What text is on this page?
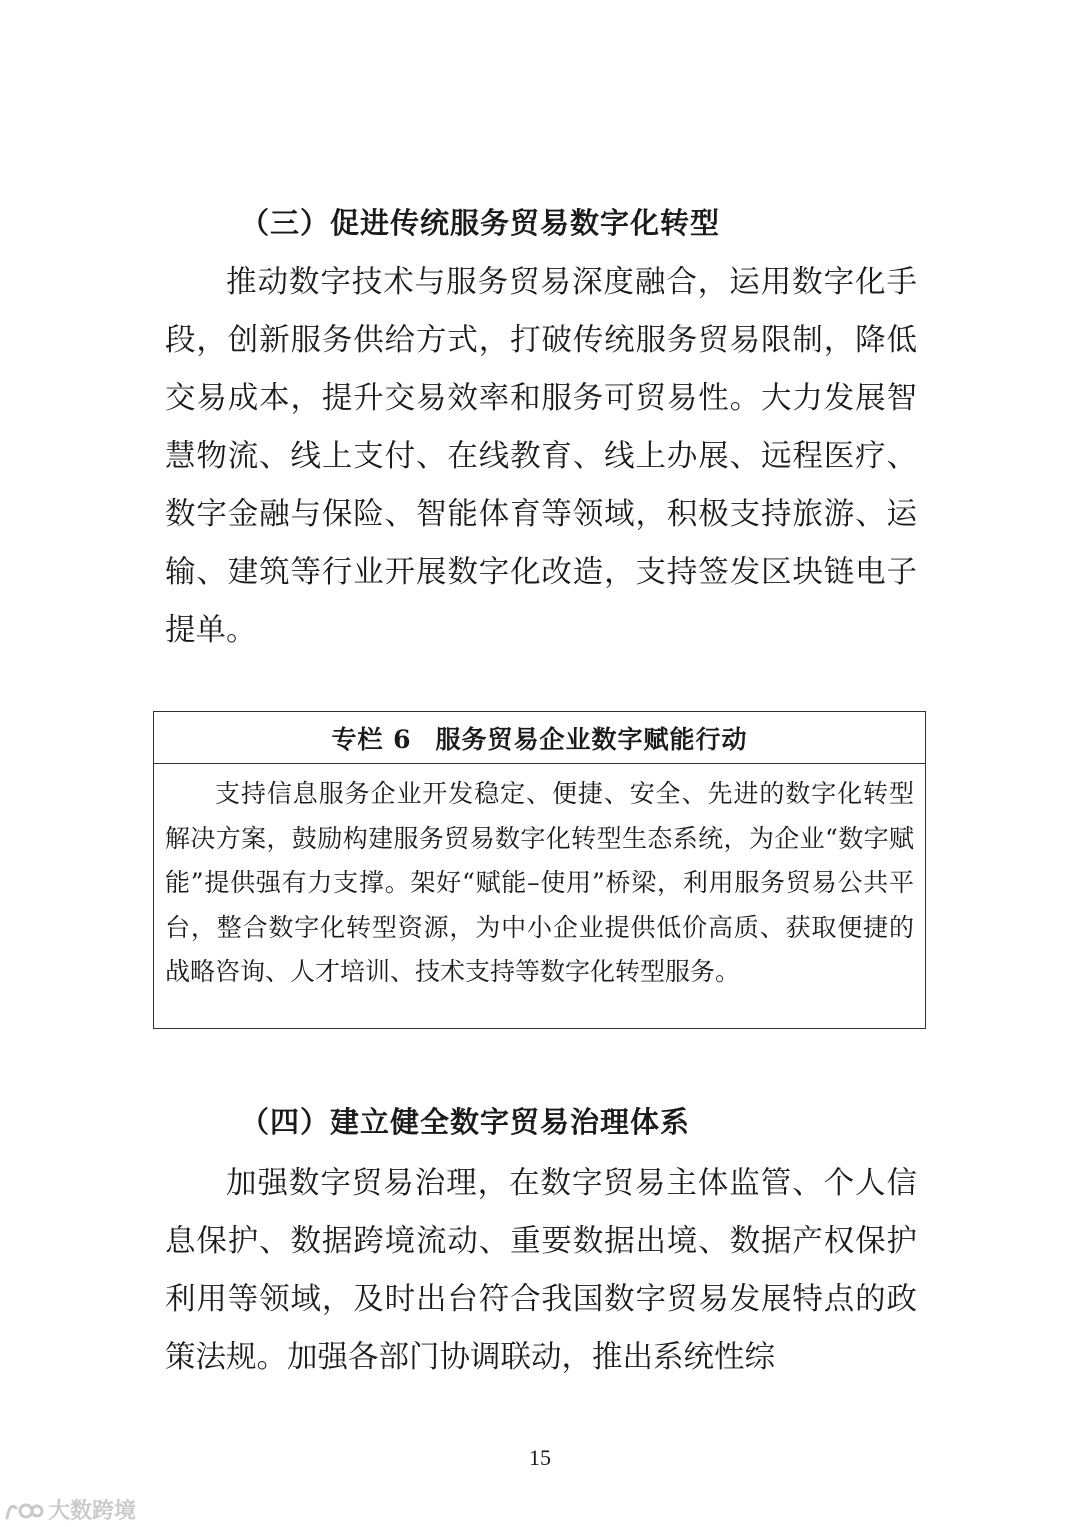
（三）促进传统服务贸易数字化转型

推动数字技术与服务贸易深度融合，运用数字化手段，创新服务供给方式，打破传统服务贸易限制，降低交易成本，提升交易效率和服务可贸易性。大力发展智慧物流、线上支付、在线教育、线上办展、远程医疗、数字金融与保险、智能体育等领域，积极支持旅游、运输、建筑等行业开展数字化改造，支持签发区块链电子提单。

专栏 6 服务贸易企业数字赋能行动

支持信息服务企业开发稳定、便捷、安全、先进的数字化转型解决方案，鼓励构建服务贸易数字化转型生态系统，为企业“数字赋能”提供强有力支撑。架好“赋能–使用”桥梁，利用服务贸易公共平台，整合数字化转型资源，为中小企业提供低价高质、获取便捷的战略咨询、人才培训、技术支持等数字化转型服务。

（四）建立健全数字贸易治理体系

加强数字贸易治理，在数字贸易主体监管、个人信息保护、数据跨境流动、重要数据出境、数据产权保护利用等领域，及时出台符合我国数字贸易发展特点的政策法规。加强各部门协调联动，推出系统性综

15
大数跨境
